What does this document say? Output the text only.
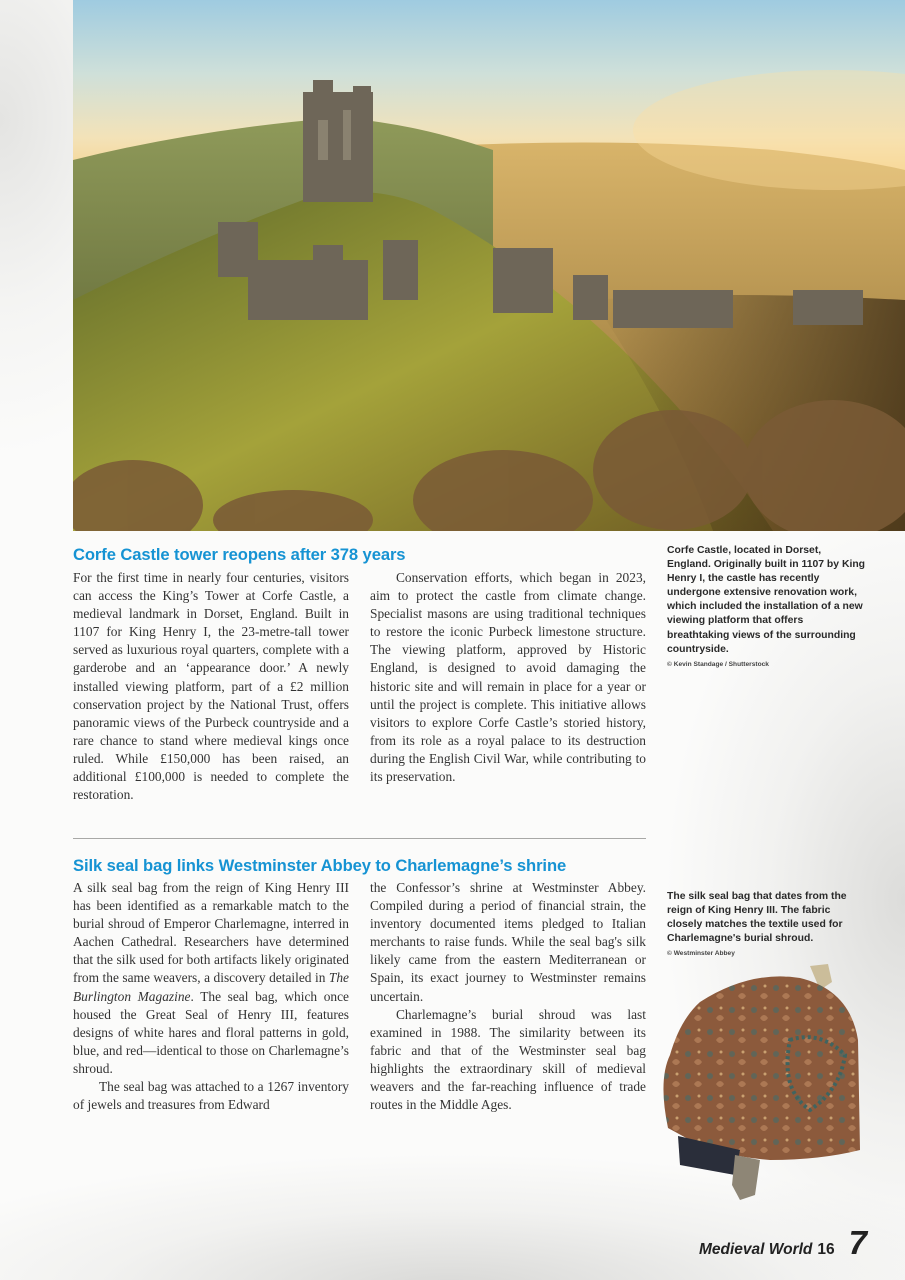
Corfe Castle tower reopens after 378 years

For the first time in nearly four centuries, visitors can access the King’s Tower at Corfe Castle, a medieval landmark in Dorset, England. Built in 1107 for King Henry I, the 23-metre-tall tower served as luxurious royal quarters, complete with a garderobe and an ‘appearance door.’ A newly installed viewing platform, part of a £2 million conservation project by the National Trust, offers panoramic views of the Purbeck countryside and a rare chance to stand where medieval kings once ruled. While £150,000 has been raised, an additional £100,000 is needed to complete the restoration.

Conservation efforts, which began in 2023, aim to protect the castle from climate change. Specialist masons are using traditional techniques to restore the iconic Purbeck limestone structure. The viewing platform, approved by Historic England, is designed to avoid damaging the historic site and will remain in place for a year or until the project is complete. This initiative allows visitors to explore Corfe Castle’s storied history, from its role as a royal palace to its destruction during the English Civil War, while contributing to its preservation.

Corfe Castle, located in Dorset, England. Originally built in 1107 by King Henry I, the castle has recently undergone extensive renovation work, which included the installation of a new viewing platform that offers breathtaking views of the surrounding countryside.
© Kevin Standage / Shutterstock
Silk seal bag links Westminster Abbey to Charlemagne’s shrine

A silk seal bag from the reign of King Henry III has been identified as a remarkable match to the burial shroud of Emperor Charlemagne, interred in Aachen Cathedral. Researchers have determined that the silk used for both artifacts likely originated from the same weavers, a discovery detailed in The Burlington Magazine. The seal bag, which once housed the Great Seal of Henry III, features designs of white hares and floral patterns in gold, blue, and red—identical to those on Charlemagne’s shroud.

The seal bag was attached to a 1267 inventory of jewels and treasures from Edward

the Confessor’s shrine at Westminster Abbey. Compiled during a period of financial strain, the inventory documented items pledged to Italian merchants to raise funds. While the seal bag's silk likely came from the eastern Mediterranean or Spain, its exact journey to Westminster remains uncertain.

Charlemagne’s burial shroud was last examined in 1988. The similarity between its fabric and that of the Westminster seal bag highlights the extraordinary skill of medieval weavers and the far-reaching influence of trade routes in the Middle Ages.

The silk seal bag that dates from the reign of King Henry III. The fabric closely matches the textile used for Charlemagne's burial shroud.
© Westminster Abbey
Medieval World 16 7
